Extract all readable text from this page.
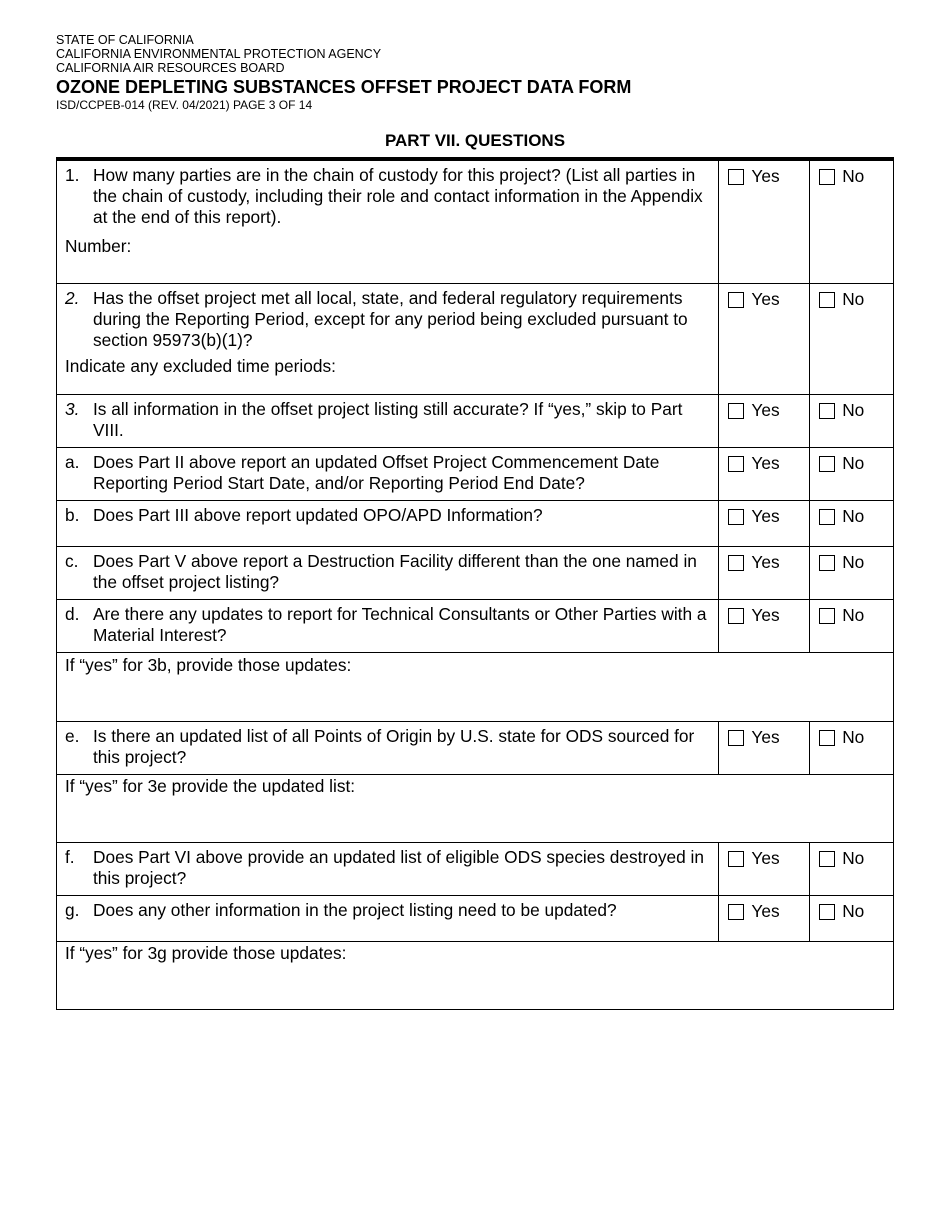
STATE OF CALIFORNIA
CALIFORNIA ENVIRONMENTAL PROTECTION AGENCY
CALIFORNIA AIR RESOURCES BOARD
OZONE DEPLETING SUBSTANCES OFFSET PROJECT DATA FORM
ISD/CCPEB-014 (REV. 04/2021) PAGE 3 OF 14
PART VII. QUESTIONS
1. How many parties are in the chain of custody for this project? (List all parties in the chain of custody, including their role and contact information in the Appendix at the end of this report).
Number:
Yes	No
2. Has the offset project met all local, state, and federal regulatory requirements during the Reporting Period, except for any period being excluded pursuant to section 95973(b)(1)?
Indicate any excluded time periods:
Yes	No
3. Is all information in the offset project listing still accurate? If “yes,” skip to Part VIII.
Yes	No
a. Does Part II above report an updated Offset Project Commencement Date Reporting Period Start Date, and/or Reporting Period End Date?
Yes	No
b. Does Part III above report updated OPO/APD Information?	Yes	No
c. Does Part V above report a Destruction Facility different than the one named in the offset project listing?
Yes	No
d. Are there any updates to report for Technical Consultants or Other Parties with a Material Interest?
Yes	No
If “yes” for 3b, provide those updates:
e. Is there an updated list of all Points of Origin by U.S. state for ODS sourced for this project?
Yes	No
If “yes” for 3e provide the updated list:
f.	Does Part VI above provide an updated list of eligible ODS species destroyed in this project?
Yes	No
g. Does any other information in the project listing need to be updated?	Yes	No
If “yes” for 3g provide those updates:
